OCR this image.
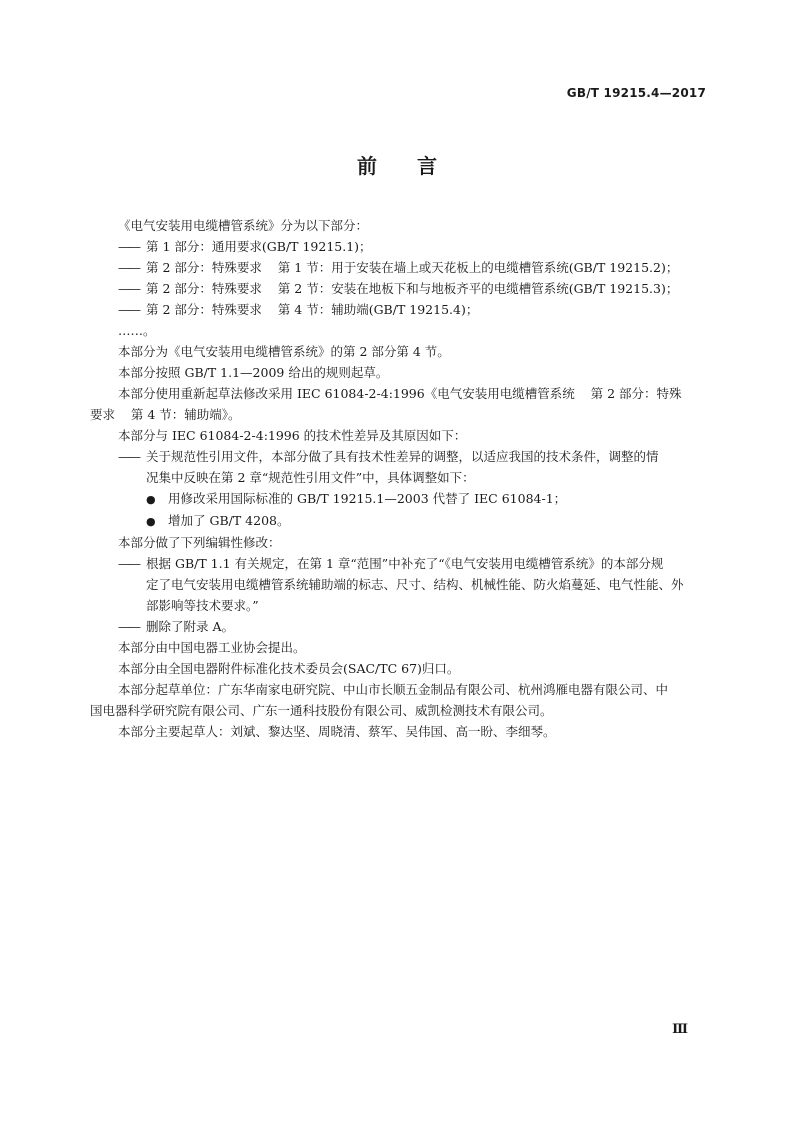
GB/T 19215.4—2017
前 言

《电气安装用电缆槽管系统》分为以下部分：

—— 第 1 部分：通用要求(GB/T 19215.1)；

—— 第 2 部分：特殊要求    第 1 节：用于安装在墙上或天花板上的电缆槽管系统(GB/T 19215.2)；

—— 第 2 部分：特殊要求    第 2 节：安装在地板下和与地板齐平的电缆槽管系统(GB/T 19215.3)；

—— 第 2 部分：特殊要求    第 4 节：辅助端(GB/T 19215.4)；

……。

本部分为《电气安装用电缆槽管系统》的第 2 部分第 4 节。

本部分按照 GB/T 1.1—2009 给出的规则起草。

本部分使用重新起草法修改采用 IEC 61084-2-4:1996《电气安装用电缆槽管系统    第 2 部分：特殊

要求    第 4 节：辅助端》。

本部分与 IEC 61084-2-4:1996 的技术性差异及其原因如下：

—— 关于规范性引用文件，本部分做了具有技术性差异的调整，以适应我国的技术条件，调整的情

况集中反映在第 2 章“规范性引用文件”中，具体调整如下：

● 用修改采用国际标准的 GB/T 19215.1—2003 代替了 IEC 61084-1；

● 增加了 GB/T 4208。

本部分做了下列编辑性修改：

—— 根据 GB/T 1.1 有关规定，在第 1 章“范围”中补充了“《电气安装用电缆槽管系统》的本部分规

定了电气安装用电缆槽管系统辅助端的标志、尺寸、结构、机械性能、防火焰蔓延、电气性能、外

部影响等技术要求。”

—— 删除了附录 A。

本部分由中国电器工业协会提出。

本部分由全国电器附件标准化技术委员会(SAC/TC 67)归口。

本部分起草单位：广东华南家电研究院、中山市长顺五金制品有限公司、杭州鸿雁电器有限公司、中

国电器科学研究院有限公司、广东一通科技股份有限公司、威凯检测技术有限公司。

本部分主要起草人：刘斌、黎达坚、周晓清、蔡军、吴伟国、高一盼、李细琴。

Ⅲ
